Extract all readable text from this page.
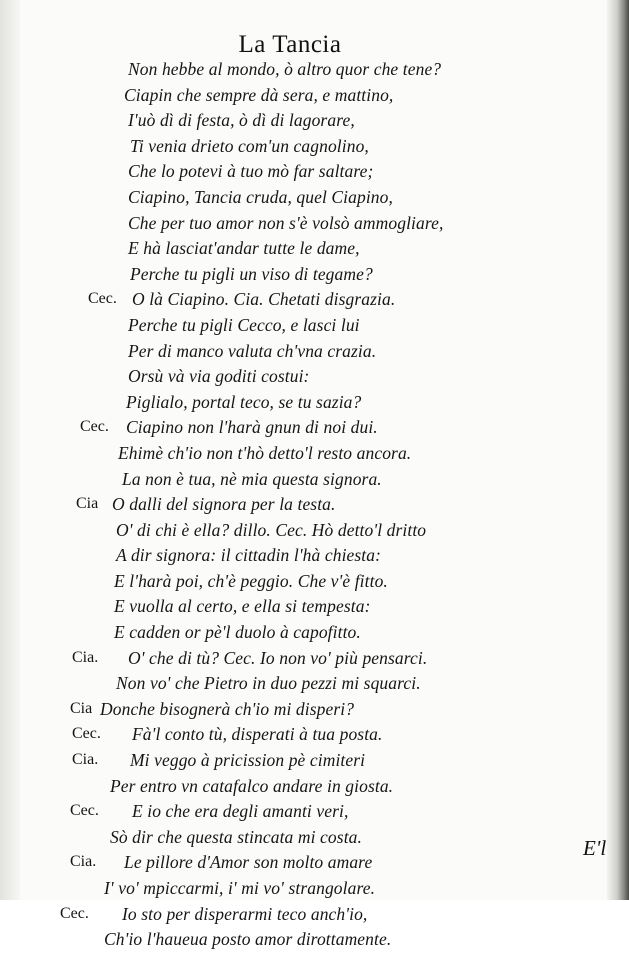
La Tancia
Non hebbe al mondo, ò altro quor che tene?
Ciapin che sempre dà sera, e mattino,
I'uò dì di festa, ò dì di lagorare,
Ti venia drieto com'un cagnolino,
Che lo potevi à tuo mò far saltare;
Ciapino, Tancia cruda, quel Ciapino,
Che per tuo amor non s'è volsò ammogliare,
E hà lasciat'andar tutte le dame,
Perche tu pigli un viso di tegame?
Cec. O là Ciapino. Cia. Chetati disgrazia.
Perche tu pigli Cecco, e lasci lui
Per di manco valuta ch'vna crazia.
Orsù và via goditi costui:
Piglialo, portal teco, se tu sazia?
Cec. Ciapino non l'harà gnun di noi dui.
Ehimè ch'io non t'hò detto'l resto ancora.
La non è tua, nè mia questa signora.
Cia O dalli del signora per la testa.
O' di chi è ella? dillo. Cec. Hò detto'l dritto
A dir signora: il cittadin l'hà chiesta:
E l'harà poi, ch'è peggio. Che v'è fitto.
E vuolla al certo, e ella si tempesta:
E cadden or pè'l duolo à capofitto.
Cia. O' che di tù? Cec. Io non vo' più pensarci.
Non vo' che Pietro in duo pezzi mi squarci.
Cia Donche bisognerà ch'io mi disperi?
Cec. Fà'l conto tù, disperati à tua posta.
Cia. Mi veggo à pricission pè cimiteri
Per entro vn catafalco andare in giosta.
Cec. E io che era degli amanti veri,
Sò dir che questa stincata mi costa.
Cia. Le pillore d'Amor son molto amare
I' vo' mpiccarmi, i' mi vo' strangolare.
Cec. Io sto per disperarmi teco anch'io,
Ch'io l'haueua posto amor dirottamente.
E'l
